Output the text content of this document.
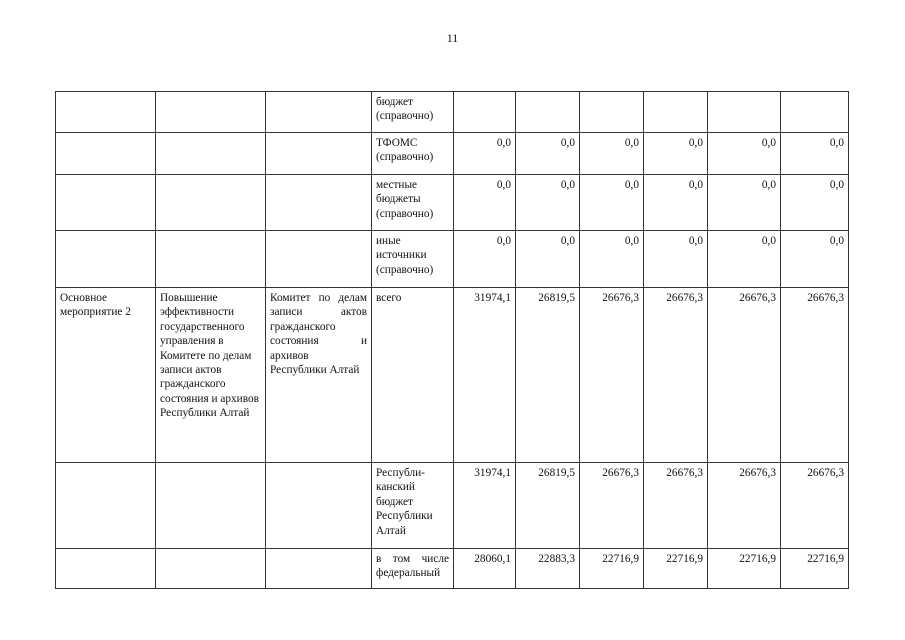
11
			бюджет (справочно)						
			ТФОМС (справочно)	0,0	0,0	0,0	0,0	0,0	0,0
			местные бюджеты (справочно)	0,0	0,0	0,0	0,0	0,0	0,0
			иные источники (справочно)	0,0	0,0	0,0	0,0	0,0	0,0
Основное мероприятие 2	Повышение эффективности государственного управления в Комитете по делам записи актов гражданского состояния и архивов Республики Алтай	Комитет по делам записи актов гражданского состояния и архивов Республики Алтай	всего	31974,1	26819,5	26676,3	26676,3	26676,3	26676,3
			Республи-канский бюджет Республики Алтай	31974,1	26819,5	26676,3	26676,3	26676,3	26676,3
			в том числе федеральный	28060,1	22883,3	22716,9	22716,9	22716,9	22716,9
